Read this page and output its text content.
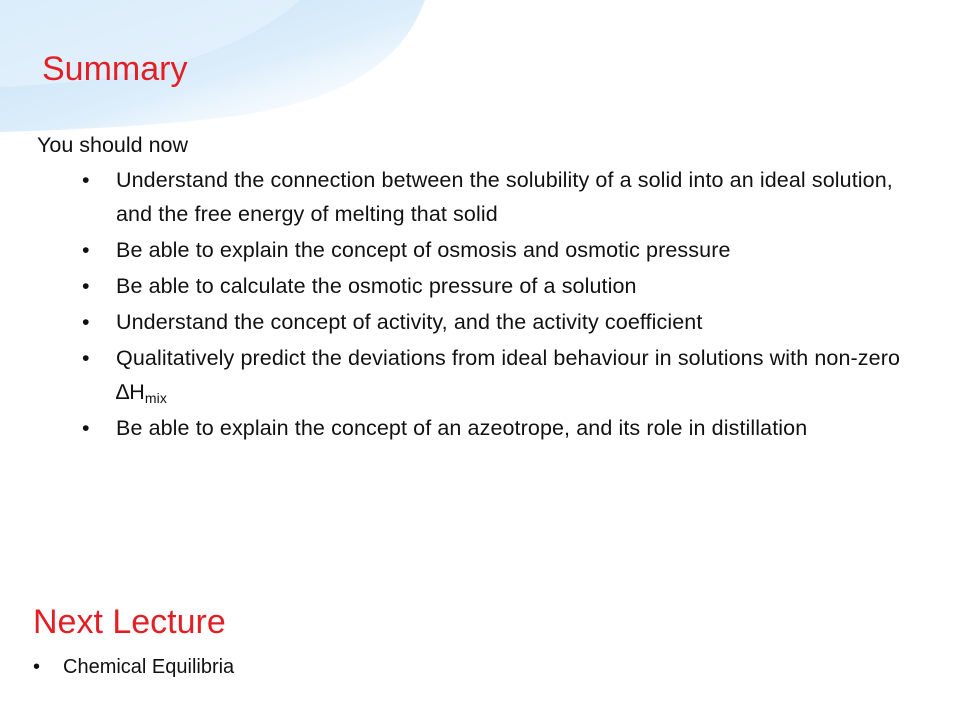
Summary
You should now
• Understand the connection between the solubility of a solid into an ideal solution, and the free energy of melting that solid
• Be able to explain the concept of osmosis and osmotic pressure
• Be able to calculate the osmotic pressure of a solution
• Understand the concept of activity, and the activity coefficient
• Qualitatively predict the deviations from ideal behaviour in solutions with non-zero $\Delta H_{mix}$
• Be able to explain the concept of an azeotrope, and its role in distillation
Next Lecture
• Chemical Equilibria
